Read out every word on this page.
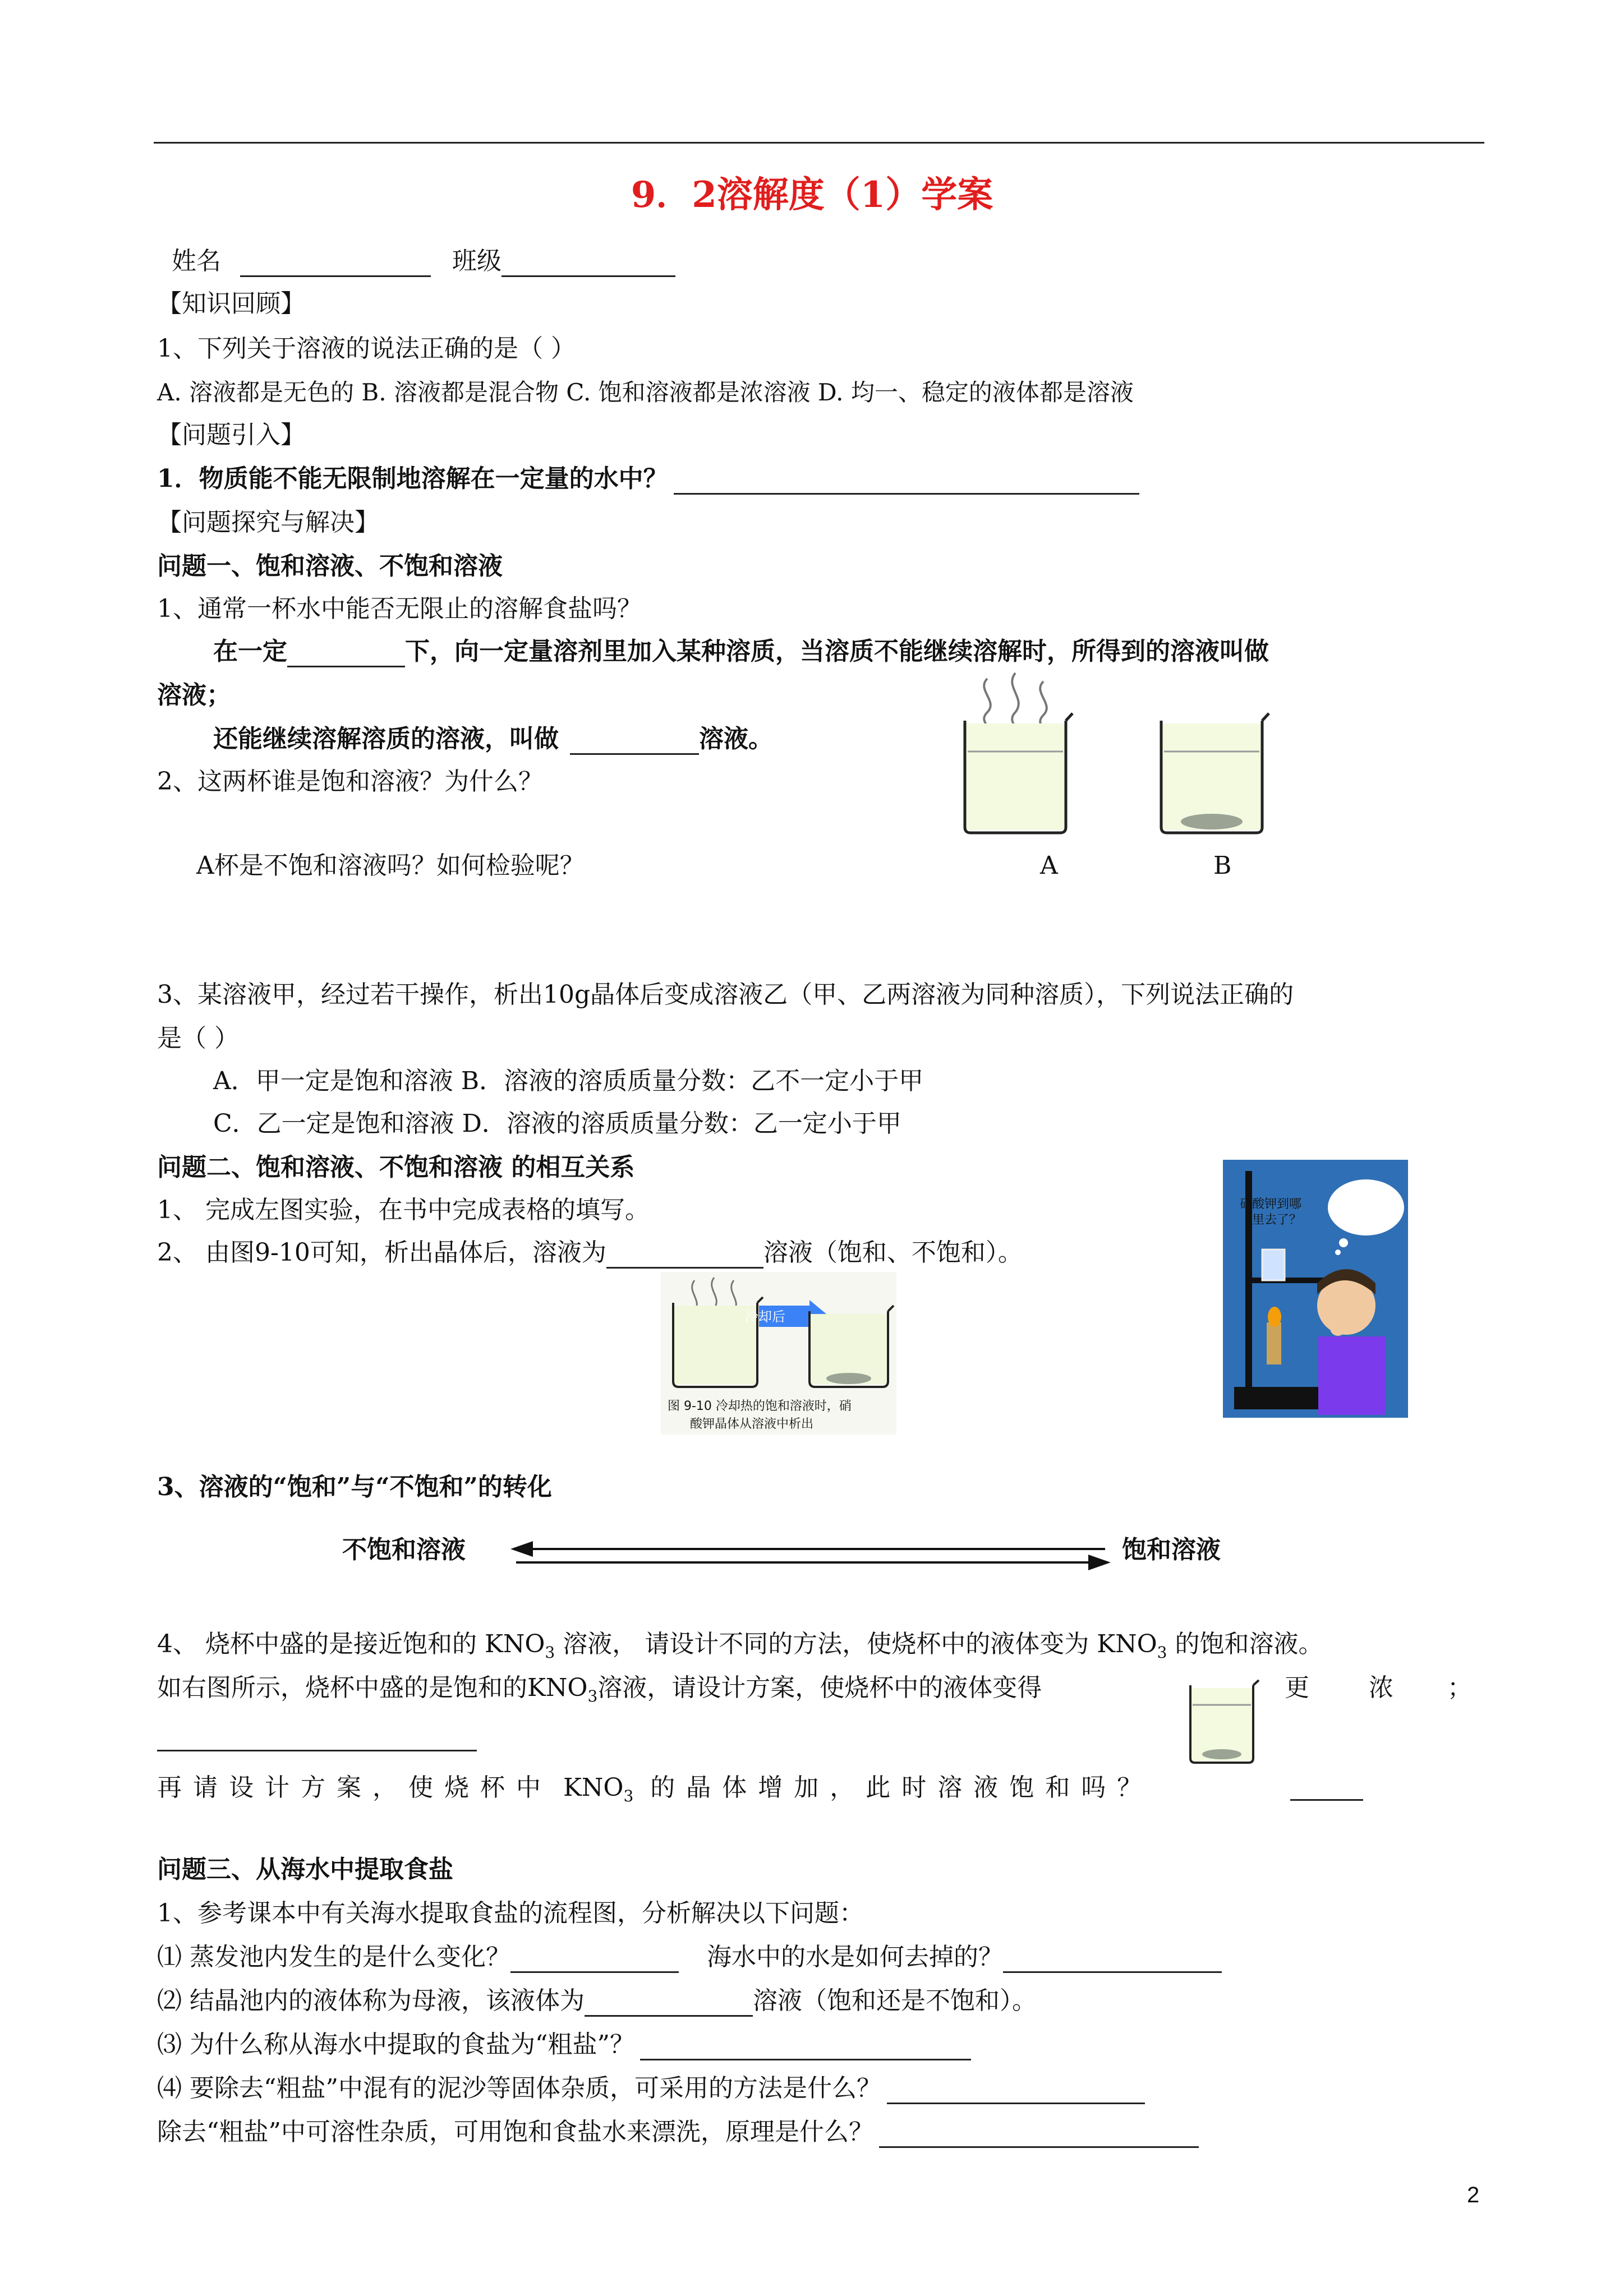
9．2溶解度（1）学案
姓名	班级
【知识回顾】
1、下列关于溶液的说法正确的是（ ）
A. 溶液都是无色的 B. 溶液都是混合物 C. 饱和溶液都是浓溶液 D. 均一、稳定的液体都是溶液
【问题引入】
1．物质能不能无限制地溶解在一定量的水中？
【问题探究与解决】
问题一、饱和溶液、不饱和溶液
1、通常一杯水中能否无限止的溶解食盐吗？
在一定	下，向一定量溶剂里加入某种溶质，当溶质不能继续溶解时，所得到的溶液叫做
溶液；
还能继续溶解溶质的溶液，叫做	溶液。
2、这两杯谁是饱和溶液？为什么？
A杯是不饱和溶液吗？如何检验呢？	A	B
3、某溶液甲，经过若干操作，析出10g晶体后变成溶液乙（甲、乙两溶液为同种溶质），下列说法正确的
是（ ）
A．甲一定是饱和溶液 B．溶液的溶质质量分数：乙不一定小于甲
C．乙一定是饱和溶液 D．溶液的溶质质量分数：乙一定小于甲
问题二、饱和溶液、不饱和溶液 的相互关系
1、 完成左图实验，在书中完成表格的填写。
2、 由图9-10可知，析出晶体后，溶液为	溶液（饱和、不饱和）。
冷却后
图 9-10 冷却热的饱和溶液时，硝
酸钾晶体从溶液中析出
硝酸钾到哪
里去了？
3、溶液的“饱和”与“不饱和”的转化
不饱和溶液	饱和溶液
4、 烧杯中盛的是接近饱和的 $KNO_3$ 溶液， 请设计不同的方法，使烧杯中的液体变为 $KNO_3$ 的饱和溶液。
如右图所示，烧杯中盛的是饱和的$KNO_3$溶液，请设计方案，使烧杯中的液体变得	更 浓 ；
再请设计方案，使烧杯中 $KNO_3$ 的晶体增加，此时溶液饱和吗？
问题三、从海水中提取食盐
1、参考课本中有关海水提取食盐的流程图，分析解决以下问题：
⑴ 蒸发池内发生的是什么变化？	海水中的水是如何去掉的？
⑵ 结晶池内的液体称为母液，该液体为	溶液（饱和还是不饱和）。
⑶ 为什么称从海水中提取的食盐为“粗盐”？
⑷ 要除去“粗盐”中混有的泥沙等固体杂质，可采用的方法是什么？
除去“粗盐”中可溶性杂质，可用饱和食盐水来漂洗，原理是什么？
2
